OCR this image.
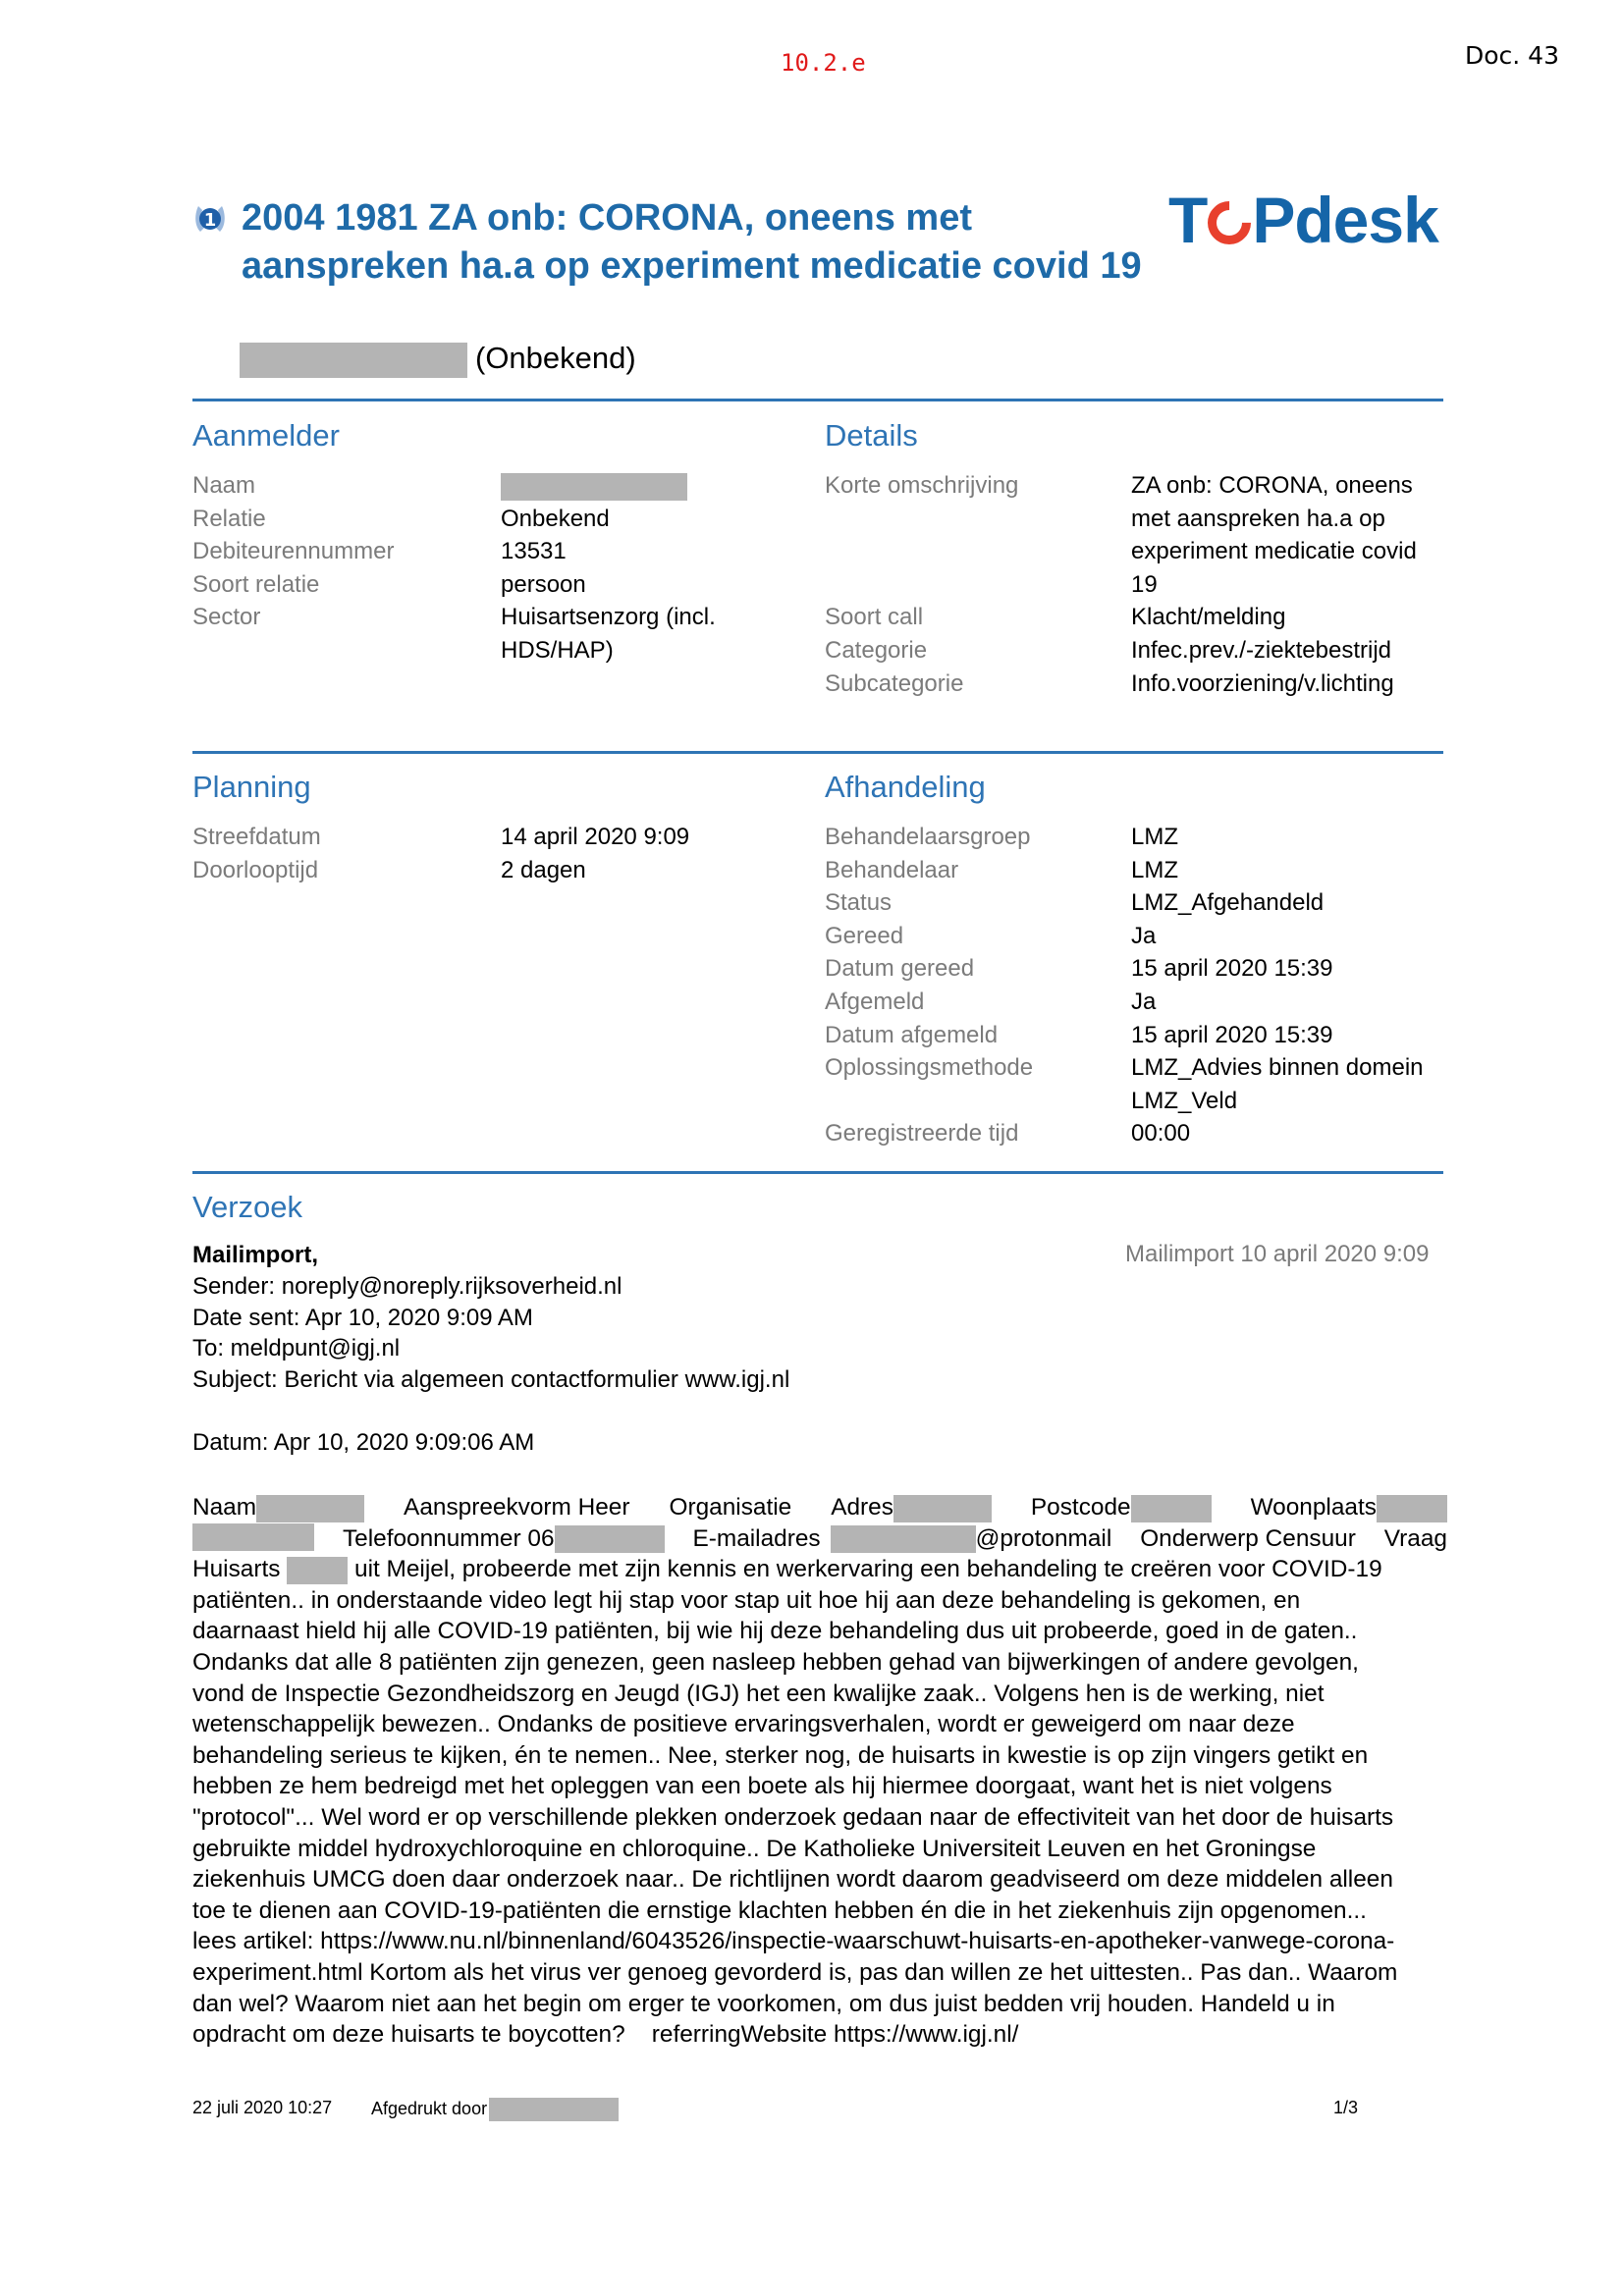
10.2.e	Doc. 43
1 2004 1981 ZA onb: CORONA, oneens met aanspreken ha.a op experiment medicatie covid 19
(Onbekend)
T Pdesk
Aanmelder	Details
Naam
Relatie	Onbekend
Debiteurennummer	13531
Soort relatie	persoon
Sector	Huisartsenzorg (incl. HDS/HAP)
Korte omschrijving	ZA onb: CORONA, oneens met aanspreken ha.a op experiment medicatie covid 19
Soort call	Klacht/melding
Categorie	Infec.prev./-ziektebestrijd
Subcategorie	Info.voorziening/v.lichting
Planning	Afhandeling
Streefdatum	14 april 2020 9:09
Doorlooptijd	2 dagen
Behandelaarsgroep	LMZ
Behandelaar	LMZ
Status	LMZ_Afgehandeld
Gereed	Ja
Datum gereed	15 april 2020 15:39
Afgemeld	Ja
Datum afgemeld	15 april 2020 15:39
Oplossingsmethode	LMZ_Advies binnen domein LMZ_Veld
Geregistreerde tijd	00:00
Verzoek
Mailimport 10 april 2020 9:09
Mailimport,
Sender: noreply@noreply.rijksoverheid.nl
Date sent: Apr 10, 2020 9:09 AM
To: meldpunt@igj.nl
Subject: Bericht via algemeen contactformulier www.igj.nl
Datum: Apr 10, 2020 9:09:06 AM
Naam	Aanspreekvorm Heer Organisatie Adres	Postcode	Woonplaats
Telefoonnummer 06	E-mailadres	@protonmail Onderwerp Censuur Vraag
Huisarts	uit Meijel, probeerde met zijn kennis en werkervaring een behandeling te creëren voor COVID-19
patiënten.. in onderstaande video legt hij stap voor stap uit hoe hij aan deze behandeling is gekomen, en
daarnaast hield hij alle COVID-19 patiënten, bij wie hij deze behandeling dus uit probeerde, goed in de gaten..
Ondanks dat alle 8 patiënten zijn genezen, geen nasleep hebben gehad van bijwerkingen of andere gevolgen,
vond de Inspectie Gezondheidszorg en Jeugd (IGJ) het een kwalijke zaak.. Volgens hen is de werking, niet
wetenschappelijk bewezen.. Ondanks de positieve ervaringsverhalen, wordt er geweigerd om naar deze
behandeling serieus te kijken, én te nemen.. Nee, sterker nog, de huisarts in kwestie is op zijn vingers getikt en
hebben ze hem bedreigd met het opleggen van een boete als hij hiermee doorgaat, want het is niet volgens
"protocol"... Wel word er op verschillende plekken onderzoek gedaan naar de effectiviteit van het door de huisarts
gebruikte middel hydroxychloroquine en chloroquine.. De Katholieke Universiteit Leuven en het Groningse
ziekenhuis UMCG doen daar onderzoek naar.. De richtlijnen wordt daarom geadviseerd om deze middelen alleen
toe te dienen aan COVID-19-patiënten die ernstige klachten hebben én die in het ziekenhuis zijn opgenomen...
lees artikel: https://www.nu.nl/binnenland/6043526/inspectie-waarschuwt-huisarts-en-apotheker-vanwege-corona-
experiment.html Kortom als het virus ver genoeg gevorderd is, pas dan willen ze het uittesten.. Pas dan.. Waarom
dan wel? Waarom niet aan het begin om erger te voorkomen, om dus juist bedden vrij houden. Handeld u in
opdracht om deze huisarts te boycotten?    referringWebsite https://www.igj.nl/
22 juli 2020 10:27 Afgedrukt door	1/3
